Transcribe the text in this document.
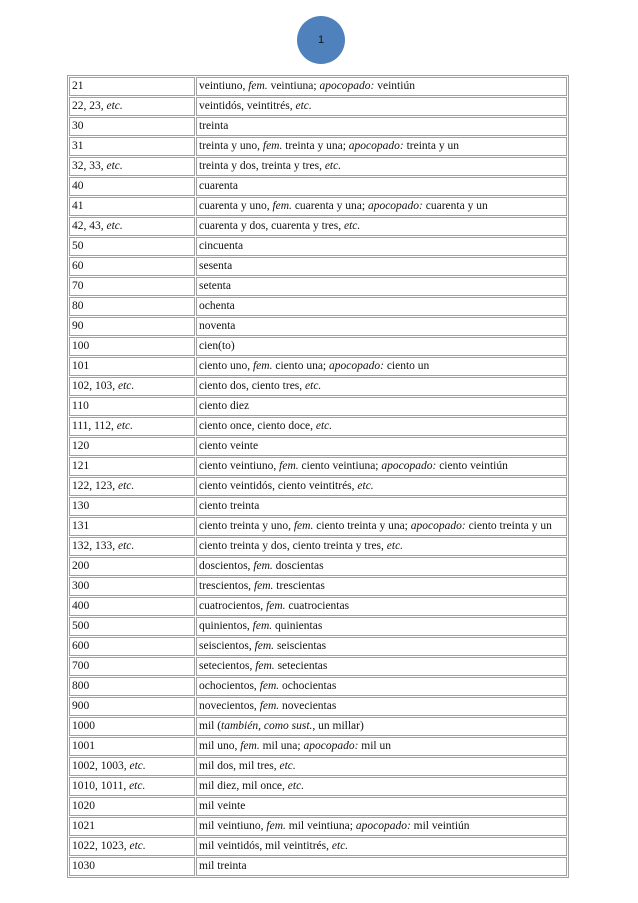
1
21	veintiuno, fem. veintiuna; apocopado: veintiún
22, 23, etc.	veintidós, veintitrés, etc.
30	treinta
31	treinta y uno, fem. treinta y una; apocopado: treinta y un
32, 33, etc.	treinta y dos, treinta y tres, etc.
40	cuarenta
41	cuarenta y uno, fem. cuarenta y una; apocopado: cuarenta y un
42, 43, etc.	cuarenta y dos, cuarenta y tres, etc.
50	cincuenta
60	sesenta
70	setenta
80	ochenta
90	noventa
100	cien(to)
101	ciento uno, fem. ciento una; apocopado: ciento un
102, 103, etc.	ciento dos, ciento tres, etc.
110	ciento diez
111, 112, etc.	ciento once, ciento doce, etc.
120	ciento veinte
121	ciento veintiuno, fem. ciento veintiuna; apocopado: ciento veintiún
122, 123, etc.	ciento veintidós, ciento veintitrés, etc.
130	ciento treinta
131	ciento treinta y uno, fem. ciento treinta y una; apocopado: ciento treinta y un
132, 133, etc.	ciento treinta y dos, ciento treinta y tres, etc.
200	doscientos, fem. doscientas
300	trescientos, fem. trescientas
400	cuatrocientos, fem. cuatrocientas
500	quinientos, fem. quinientas
600	seiscientos, fem. seiscientas
700	setecientos, fem. setecientas
800	ochocientos, fem. ochocientas
900	novecientos, fem. novecientas
1000	mil (también, como sust., un millar)
1001	mil uno, fem. mil una; apocopado: mil un
1002, 1003, etc.	mil dos, mil tres, etc.
1010, 1011, etc.	mil diez, mil once, etc.
1020	mil veinte
1021	mil veintiuno, fem. mil veintiuna; apocopado: mil veintiún
1022, 1023, etc.	mil veintidós, mil veintitrés, etc.
1030	mil treinta
